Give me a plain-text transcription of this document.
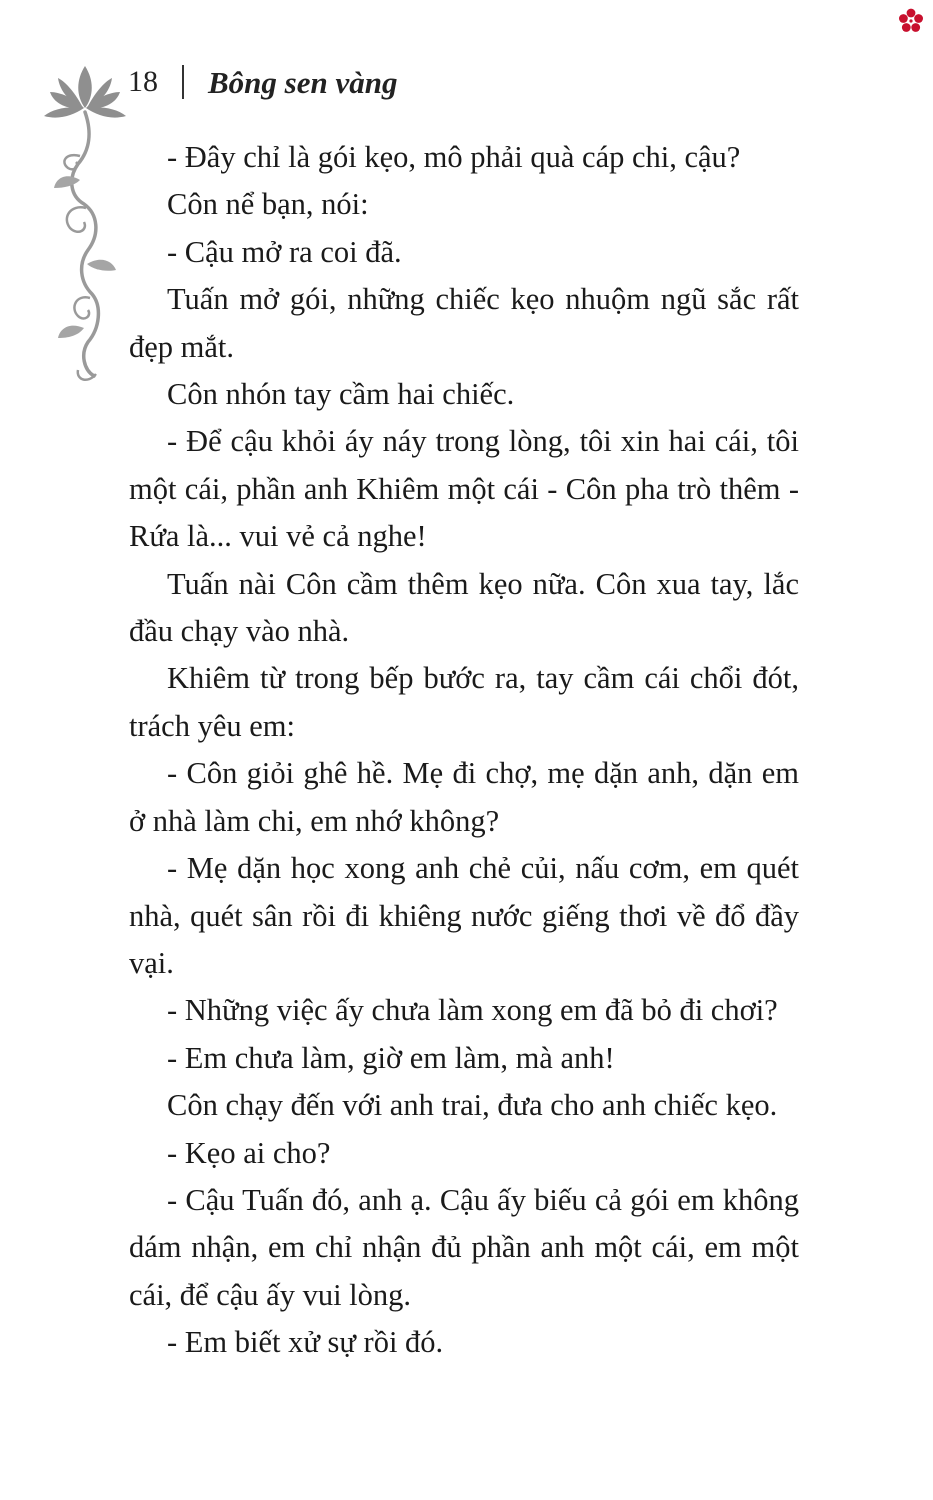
18 Bông sen vàng

- Đây chỉ là gói kẹo, mô phải quà cáp chi, cậu?

Côn nể bạn, nói:

- Cậu mở ra coi đã.

Tuấn mở gói, những chiếc kẹo nhuộm ngũ sắc rất đẹp mắt.

Côn nhón tay cầm hai chiếc.

- Để cậu khỏi áy náy trong lòng, tôi xin hai cái, tôi một cái, phần anh Khiêm một cái - Côn pha trò thêm - Rứa là... vui vẻ cả nghe!

Tuấn nài Côn cầm thêm kẹo nữa. Côn xua tay, lắc đầu chạy vào nhà.

Khiêm từ trong bếp bước ra, tay cầm cái chổi đót, trách yêu em:

- Côn giỏi ghê hề. Mẹ đi chợ, mẹ dặn anh, dặn em ở nhà làm chi, em nhớ không?

- Mẹ dặn học xong anh chẻ củi, nấu cơm, em quét nhà, quét sân rồi đi khiêng nước giếng thơi về đổ đầy vại.

- Những việc ấy chưa làm xong em đã bỏ đi chơi?

- Em chưa làm, giờ em làm, mà anh!

Côn chạy đến với anh trai, đưa cho anh chiếc kẹo.

- Kẹo ai cho?

- Cậu Tuấn đó, anh ạ. Cậu ấy biếu cả gói em không dám nhận, em chỉ nhận đủ phần anh một cái, em một cái, để cậu ấy vui lòng.

- Em biết xử sự rồi đó.
